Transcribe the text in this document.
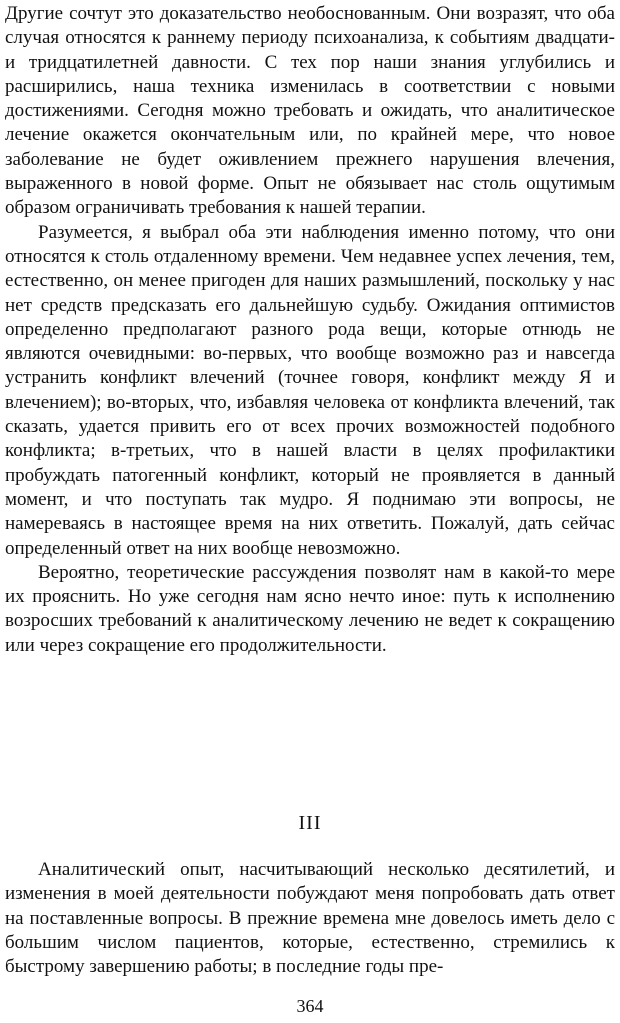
Другие сочтут это доказательство необоснованным. Они возразят, что оба случая относятся к раннему периоду психоанализа, к событиям двадцати- и тридцатилетней давности. С тех пор наши знания углубились и расширились, наша техника изменилась в соответствии с новыми достижениями. Сегодня можно требовать и ожидать, что аналитическое лечение окажется окончательным или, по крайней мере, что новое заболевание не будет оживлением прежнего нарушения влечения, выраженного в новой форме. Опыт не обязывает нас столь ощутимым образом ограничивать требования к нашей терапии.

Разумеется, я выбрал оба эти наблюдения именно потому, что они относятся к столь отдаленному времени. Чем недавнее успех лечения, тем, естественно, он менее пригоден для наших размышлений, поскольку у нас нет средств предсказать его дальнейшую судьбу. Ожидания оптимистов определенно предполагают разного рода вещи, которые отнюдь не являются очевидными: во-первых, что вообще возможно раз и навсегда устранить конфликт влечений (точнее говоря, конфликт между Я и влечением); во-вторых, что, избавляя человека от конфликта влечений, так сказать, удается привить его от всех прочих возможностей подобного конфликта; в-третьих, что в нашей власти в целях профилактики пробуждать патогенный конфликт, который не проявляется в данный момент, и что поступать так мудро. Я поднимаю эти вопросы, не намереваясь в настоящее время на них ответить. Пожалуй, дать сейчас определенный ответ на них вообще невозможно.

Вероятно, теоретические рассуждения позволят нам в какой-то мере их прояснить. Но уже сегодня нам ясно нечто иное: путь к исполнению возросших требований к аналитическому лечению не ведет к сокращению или через сокращение его продолжительности.

III

Аналитический опыт, насчитывающий несколько десятилетий, и изменения в моей деятельности побуждают меня попробовать дать ответ на поставленные вопросы. В прежние времена мне довелось иметь дело с большим числом пациентов, которые, естественно, стремились к быстрому завершению работы; в последние годы пре-

364
